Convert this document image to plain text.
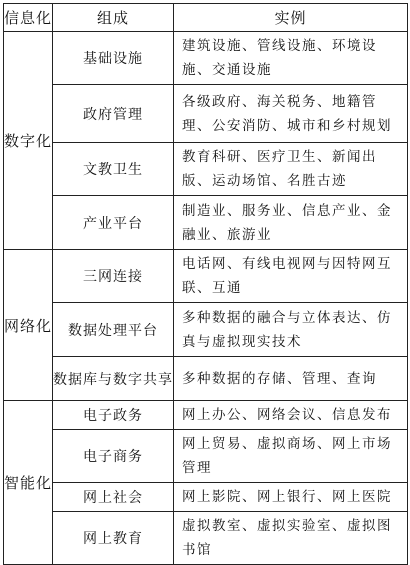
信息化	组成	实例
数字化	基础设施	建筑设施、管线设施、环境设施、交通设施
	政府管理	各级政府、海关税务、地籍管理、公安消防、城市和乡村规划
	文教卫生	教育科研、医疗卫生、新闻出版、运动场馆、名胜古迹
	产业平台	制造业、服务业、信息产业、金融业、旅游业
网络化	三网连接	电话网、有线电视网与因特网互联、互通
	数据处理平台	多种数据的融合与立体表达、仿真与虚拟现实技术
	数据库与数字共享	多种数据的存储、管理、查询
智能化	电子政务	网上办公、网络会议、信息发布
	电子商务	网上贸易、虚拟商场、网上市场管理
	网上社会	网上影院、网上银行、网上医院
	网上教育	虚拟教室、虚拟实验室、虚拟图书馆
